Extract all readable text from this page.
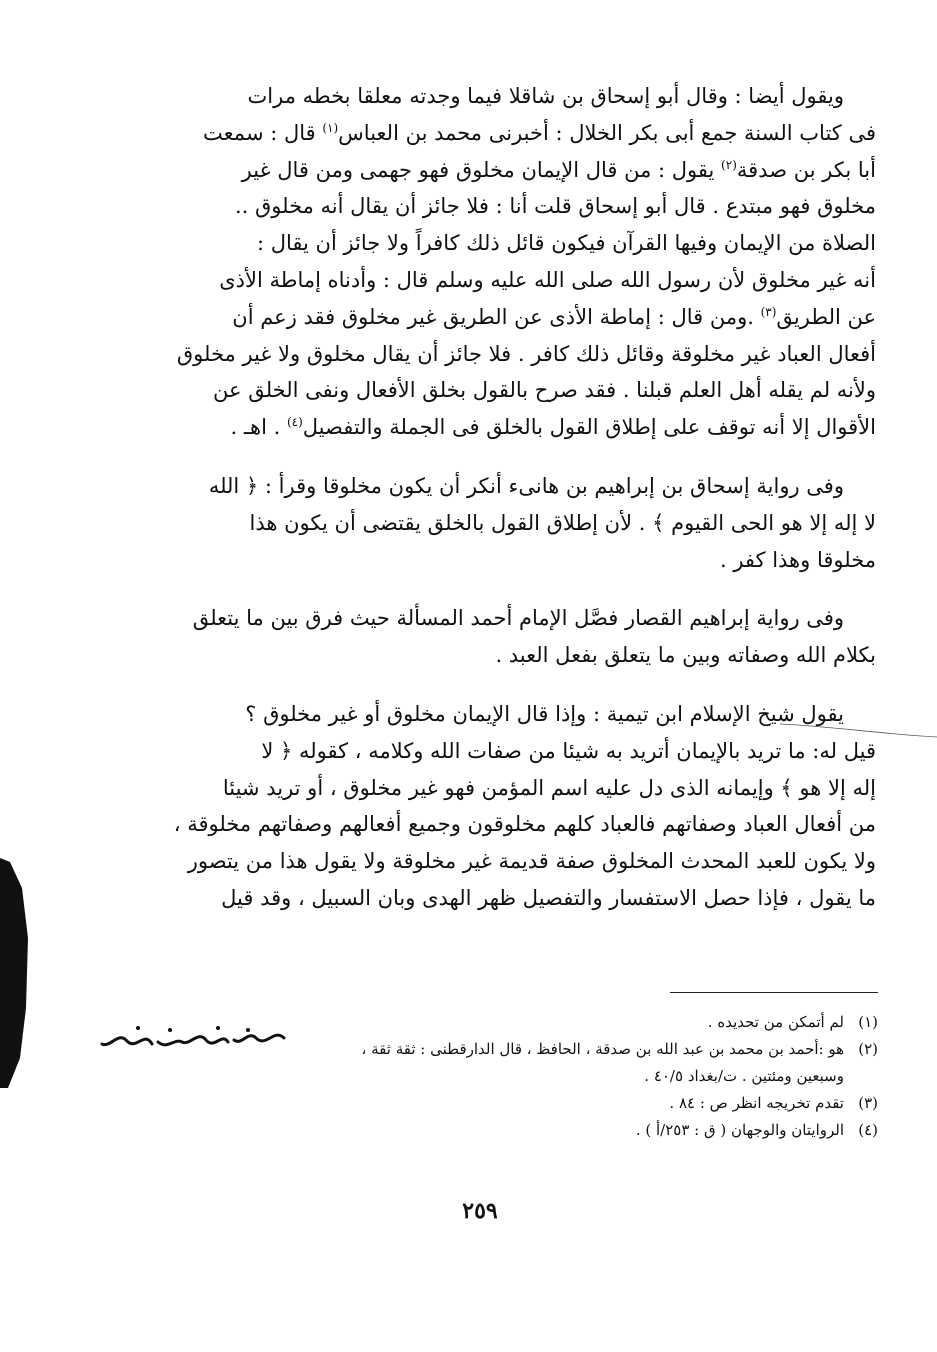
ويقول أيضا : وقال أبو إسحاق بن شاقلا فيما وجدته معلقا بخطه مرات
فى كتاب السنة جمع أبى بكر الخلال : أخبرنى محمد بن العباس$^{(١)}$ قال : سمعت
أبا بكر بن صدقة$^{(٢)}$ يقول : من قال الإيمان مخلوق فهو جهمى ومن قال غير
مخلوق فهو مبتدع . قال أبو إسحاق قلت أنا : فلا جائز أن يقال أنه مخلوق ..
الصلاة من الإيمان وفيها القرآن فيكون قائل ذلك كافراً ولا جائز أن يقال :
أنه غير مخلوق لأن رسول الله صلى الله عليه وسلم قال : وأدناه إماطة الأذى
عن الطريق$^{(٣)}$ .ومن قال : إماطة الأذى عن الطريق غير مخلوق فقد زعم أن
أفعال العباد غير مخلوقة وقائل ذلك كافر . فلا جائز أن يقال مخلوق ولا غير مخلوق
ولأنه لم يقله أهل العلم قبلنا . فقد صرح بالقول بخلق الأفعال ونفى الخلق عن
الأقوال إلا أنه توقف على إطلاق القول بالخلق فى الجملة والتفصيل$^{(٤)}$ . اهـ .

وفى رواية إسحاق بن إبراهيم بن هانىء أنكر أن يكون مخلوقا وقرأ : ﴿ الله
لا إله إلا هو الحى القيوم ﴾ . لأن إطلاق القول بالخلق يقتضى أن يكون هذا
مخلوقا وهذا كفر .

وفى رواية إبراهيم القصار فصَّل الإمام أحمد المسألة حيث فرق بين ما يتعلق
بكلام الله وصفاته وبين ما يتعلق بفعل العبد .

يقول شيخ الإسلام ابن تيمية : وإذا قال الإيمان مخلوق أو غير مخلوق ؟
قيل له: ما تريد بالإيمان أتريد به شيئا من صفات الله وكلامه ، كقوله ﴿ لا
إله إلا هو ﴾ وإيمانه الذى دل عليه اسم المؤمن فهو غير مخلوق ، أو تريد شيئا
من أفعال العباد وصفاتهم فالعباد كلهم مخلوقون وجميع أفعالهم وصفاتهم مخلوقة ،
ولا يكون للعبد المحدث المخلوق صفة قديمة غير مخلوقة ولا يقول هذا من يتصور
ما يقول ، فإذا حصل الاستفسار والتفصيل ظهر الهدى وبان السبيل ، وقد قيل

(١)لم أتمكن من تحديده .

(٢)هو :أحمد بن محمد بن عبد الله بن صدقة ، الحافظ ، قال الدارقطنى : ثقة ثقة ،

وسبعين ومئتين . ت/بغداد ٤٠/٥ .

(٣)تقدم تخريجه انظر ص : ٨٤ .

(٤)الروايتان والوجهان ( ق : ٢٥٣/أ ) .

٢٥٩
